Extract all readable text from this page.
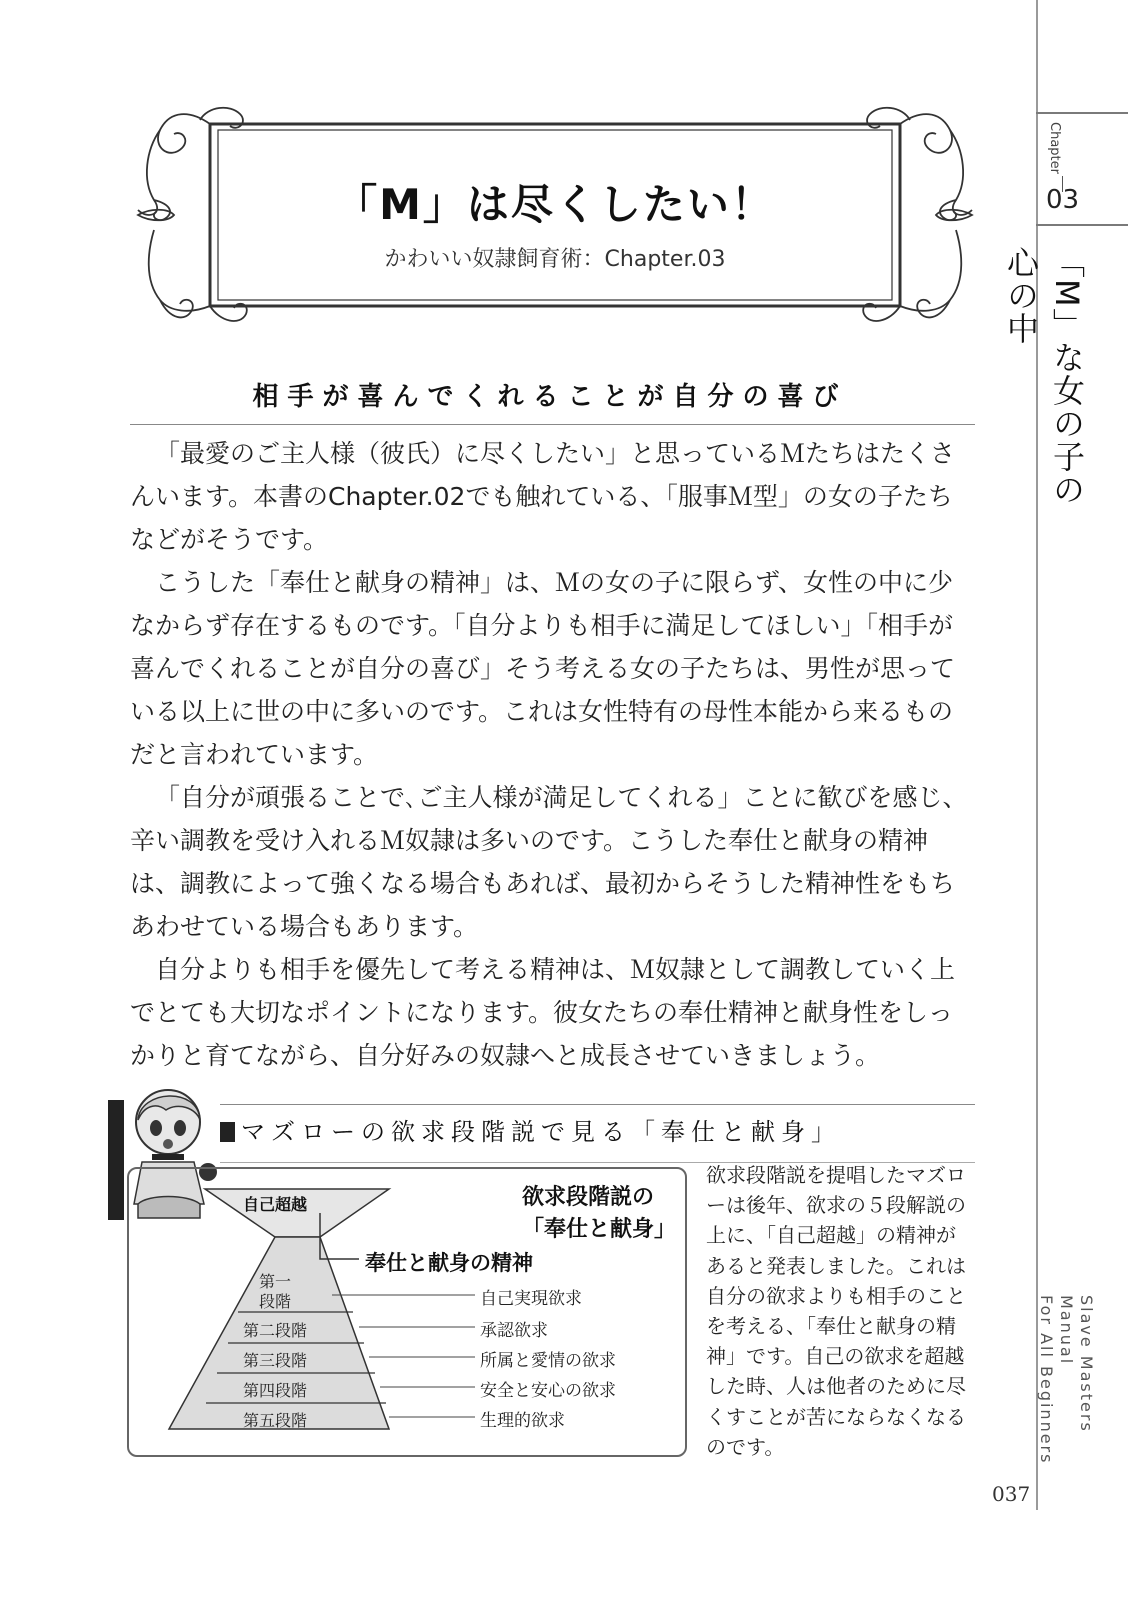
Chapter
03
「M」な女の子の心の中
Slave Masters Manual
For All Beginners
「M」は尽くしたい！
かわいい奴隷飼育術：Chapter.03
相手が喜んでくれることが自分の喜び

「最愛のご主人様（彼氏）に尽くしたい」と思っているＭたちはたくさんいます。本書のChapter.02でも触れている、「服事Ｍ型」の女の子たちなどがそうです。

こうした「奉仕と献身の精神」は、Ｍの女の子に限らず、女性の中に少なからず存在するものです。「自分よりも相手に満足してほしい」「相手が喜んでくれることが自分の喜び」そう考える女の子たちは、男性が思っている以上に世の中に多いのです。これは女性特有の母性本能から来るものだと言われています。

「自分が頑張ることで､ご主人様が満足してくれる」ことに歓びを感じ、辛い調教を受け入れるＭ奴隷は多いのです。こうした奉仕と献身の精神は、調教によって強くなる場合もあれば、最初からそうした精神性をもちあわせている場合もあります。

自分よりも相手を優先して考える精神は、Ｍ奴隷として調教していく上でとても大切なポイントになります。彼女たちの奉仕精神と献身性をしっかりと育てながら、自分好みの奴隷へと成長させていきましょう。

マズローの欲求段階説で見る「奉仕と献身」
自己超越	欲求段階説の
「奉仕と献身」
奉仕と献身の精神
第一
段階
第二段階
第三段階
第四段階
第五段階
自己実現欲求
承認欲求
所属と愛情の欲求
安全と安心の欲求
生理的欲求
欲求段階説を提唱したマズローは後年、欲求の５段解説の上に、「自己超越」の精神があると発表しました。これは自分の欲求よりも相手のことを考える、「奉仕と献身の精神」です。自己の欲求を超越した時、人は他者のために尽くすことが苦にならなくなるのです。
037
